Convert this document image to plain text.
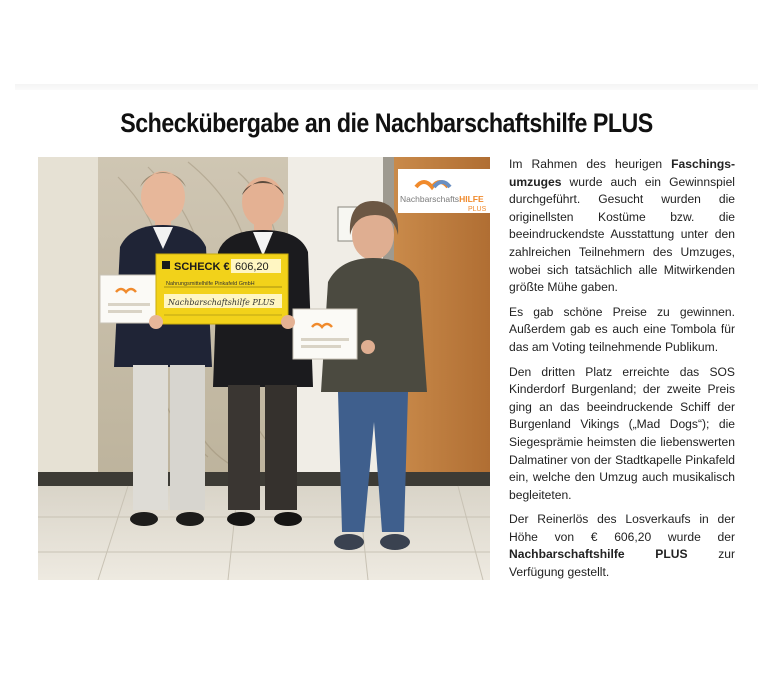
Scheckübergabe an die Nachbarschaftshilfe PLUS
NachbarschaftsHILFE
PLUS
SCHECK € 606,20
Nahrungsmittelhilfe Pinkafeld GmbH
Nachbarschaftshilfe PLUS

Im Rahmen des heurigen Faschings-umzuges wurde auch ein Gewinnspiel durchgeführt. Gesucht wurden die originellsten Kostüme bzw. die beeindruckendste Ausstattung unter den zahlreichen Teilnehmern des Umzuges, wobei sich tatsächlich alle Mitwirkenden größte Mühe gaben.

Es gab schöne Preise zu gewinnen. Außerdem gab es auch eine Tombola für das am Voting teilnehmende Publikum.

Den dritten Platz erreichte das SOS Kinderdorf Burgenland; der zweite Preis ging an das beeindruckende Schiff der Burgenland Vikings („Mad Dogs“); die Siegesprämie heimsten die liebenswerten Dalmatiner von der Stadtkapelle Pinkafeld ein, welche den Umzug auch musikalisch begleiteten.

Der Reinerlös des Losverkaufs in der Höhe von € 606,20 wurde der Nachbarschaftshilfe PLUS zur Verfügung gestellt.
